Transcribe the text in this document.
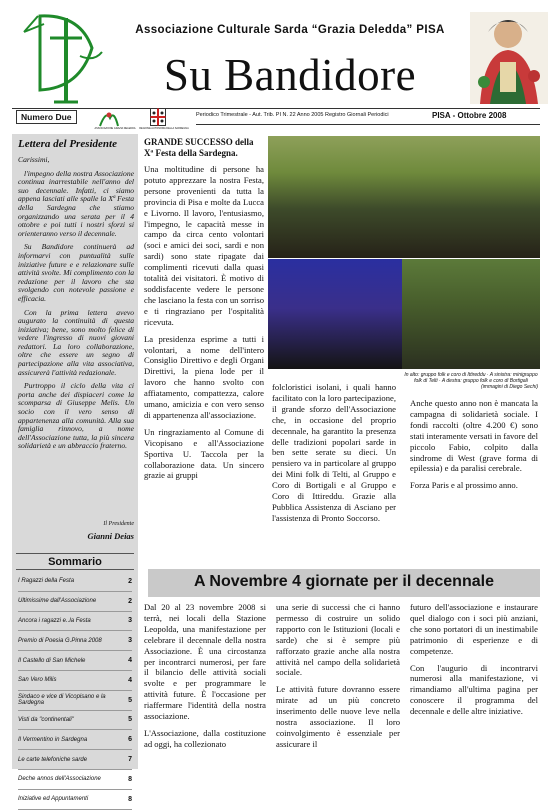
Associazione Culturale Sarda “Grazia Deledda” PISA
Su Bandidore
Numero Due
ASSOCIAZIONE GRAZIA DELEDDA	REGIONE AUTONOMA DELLA SARDEGNA
Periodico Trimestrale - Aut. Trib. PI N. 22 Anno 2005 Registro Giornali Periodici	PISA - Ottobre 2008
Lettera del Presidente

Carissimi,

l'impegno della nostra Associazione continua inarrestabile nell'anno del suo decennale. Infatti, ci siamo appena lasciati alle spalle la Xª Festa della Sardegna che stiamo organizzando una serata per il 4 ottobre e poi tutti i nostri sforzi si orienteranno verso il decennale.

Su Bandidore continuerà ad informarvi con puntualità sulle iniziative future e e relazionare sulle attività svolte. Mi complimento con la redazione per il lavoro che sta svolgendo con notevole passione e efficacia.

Con la prima lettera avevo augurato la continuità di questa iniziativa; bene, sono molto felice di vedere l'ingresso di nuovi giovani redattori. La loro collaborazione, oltre che essere un segno di partecipazione alla vita associativa, assicurerà l'attività redazionale.

Purtroppo il ciclo della vita ci porta anche dei dispiaceri come la scomparsa di Giuseppe Melis. Un socio con il vero senso di appartenenza alla comunità. Alla sua famiglia rinnovo, a nome dell'Associazione tutta, la più sincera solidarietà e un abbraccio fraterno.

Il Presidente
Gianni Deias
Sommario
I Ragazzi della Festa	2
Ultimissime dall'Associazione	2
Ancora i ragazzi e..la Festa	3
Premio di Poesia G.Pinna 2008	3
Il Castello di San Michele	4
San Vero Milis	4
Sindaco e vice di Vicopisano e la Sardegna	5
Visti da "continentali"	5
Il Vermentino in Sardegna	6
Le carte telefoniche sarde	7
Deche annos dell'Associazione	8
Iniziative ed Appuntamenti	8

GRANDE SUCCESSO della Xª Festa della Sardegna.

Una moltitudine di persone ha potuto apprezzare la nostra Festa, persone provenienti da tutta la provincia di Pisa e molte da Lucca e Livorno. Il lavoro, l'entusiasmo, l'impegno, le capacità messe in campo da circa cento volontari (soci e amici dei soci, sardi e non sardi) sono state ripagate dai complimenti ricevuti dalla quasi totalità dei visitatori. È motivo di soddisfacente vedere le persone che lasciano la festa con un sorriso e ti ringraziano per l'ospitalità ricevuta.

La presidenza esprime a tutti i volontari, a nome dell'intero Consiglio Direttivo e degli Organi Direttivi, la piena lode per il lavoro che hanno svolto con affiatamento, compattezza, calore umano, amicizia e con vero senso di appartenenza all'associazione.

Un ringraziamento al Comune di Vicopisano e all'Associazione Sportiva U. Taccola per la collaborazione data. Un sincero grazie ai gruppi

folcloristici isolani, i quali hanno facilitato con la loro partecipazione, il grande sforzo dell'Associazione che, in occasione del proprio decennale, ha garantito la presenza delle tradizioni popolari sarde in ben sette serate su dieci. Un pensiero va in particolare al gruppo dei Mini folk di Telti, al Gruppo e Coro di Bortigali e al Gruppo e Coro di Ittireddu. Grazie alla Pubblica Assistenza di Asciano per l'assistenza di Pronto Soccorso.

In alto: gruppo folk e coro di Ittireddu · A sinistra: minigruppo folk di Telti · A destra: gruppo folk e coro di Bortigali
(immagini di Diego Sechi)

Anche questo anno non è mancata la campagna di solidarietà sociale. I fondi raccolti (oltre 4.200 €) sono stati interamente versati in favore del piccolo Fabio, colpito dalla sindrome di West (grave forma di epilessia) e da paralisi cerebrale.

Forza Paris e al prossimo anno.

A Novembre 4 giornate per il decennale

Dal 20 al 23 novembre 2008 si terrà, nei locali della Stazione Leopolda, una manifestazione per celebrare il decennale della nostra Associazione. È una circostanza per incontrarci numerosi, per fare il bilancio delle attività sociali svolte e per programmare le attività future. È l'occasione per riaffermare l'identità della nostra associazione.

L'Associazione, dalla costituzione ad oggi, ha collezionato

una serie di successi che ci hanno permesso di costruire un solido rapporto con le Istituzioni (locali e sarde) che si è sempre più rafforzato grazie anche alla nostra attività nel campo della solidarietà sociale.

Le attività future dovranno essere mirate ad un più concreto inserimento delle nuove leve nella nostra associazione. Il loro coinvolgimento è essenziale per assicurare il

futuro dell'associazione e instaurare quel dialogo con i soci più anziani, che sono portatori di un inestimabile patrimonio di esperienze e di competenze.

Con l'augurio di incontrarvi numerosi alla manifestazione, vi rimandiamo all'ultima pagina per conoscere il programma del decennale e delle altre iniziative.
